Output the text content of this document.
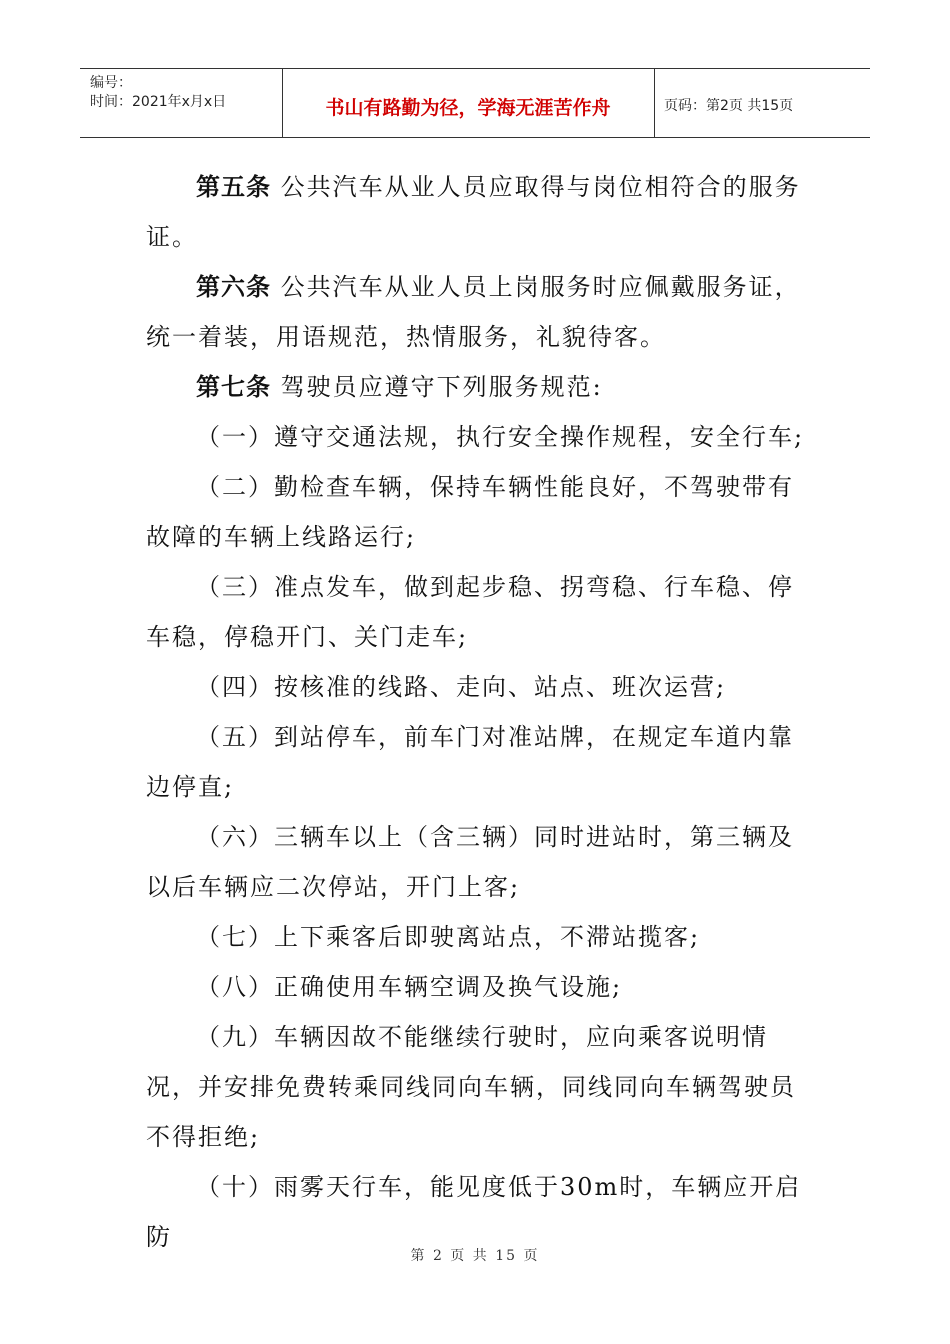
编号：
时间：2021年x月x日	书山有路勤为径，学海无涯苦作舟	页码：第2页 共15页

第五条 公共汽车从业人员应取得与岗位相符合的服务证。

第六条 公共汽车从业人员上岗服务时应佩戴服务证，统一着装，用语规范，热情服务，礼貌待客。

第七条 驾驶员应遵守下列服务规范:

（一）遵守交通法规，执行安全操作规程，安全行车;

（二）勤检查车辆，保持车辆性能良好，不驾驶带有故障的车辆上线路运行;

（三）准点发车，做到起步稳、拐弯稳、行车稳、停车稳，停稳开门、关门走车;

（四）按核准的线路、走向、站点、班次运营;

（五）到站停车，前车门对准站牌，在规定车道内靠边停直;

（六）三辆车以上（含三辆）同时进站时，第三辆及以后车辆应二次停站，开门上客;

（七）上下乘客后即驶离站点，不滞站揽客;

（八）正确使用车辆空调及换气设施;

（九）车辆因故不能继续行驶时，应向乘客说明情况，并安排免费转乘同线同向车辆，同线同向车辆驾驶员不得拒绝;

（十）雨雾天行车，能见度低于30m时，车辆应开启防

第 2 页 共 15 页
